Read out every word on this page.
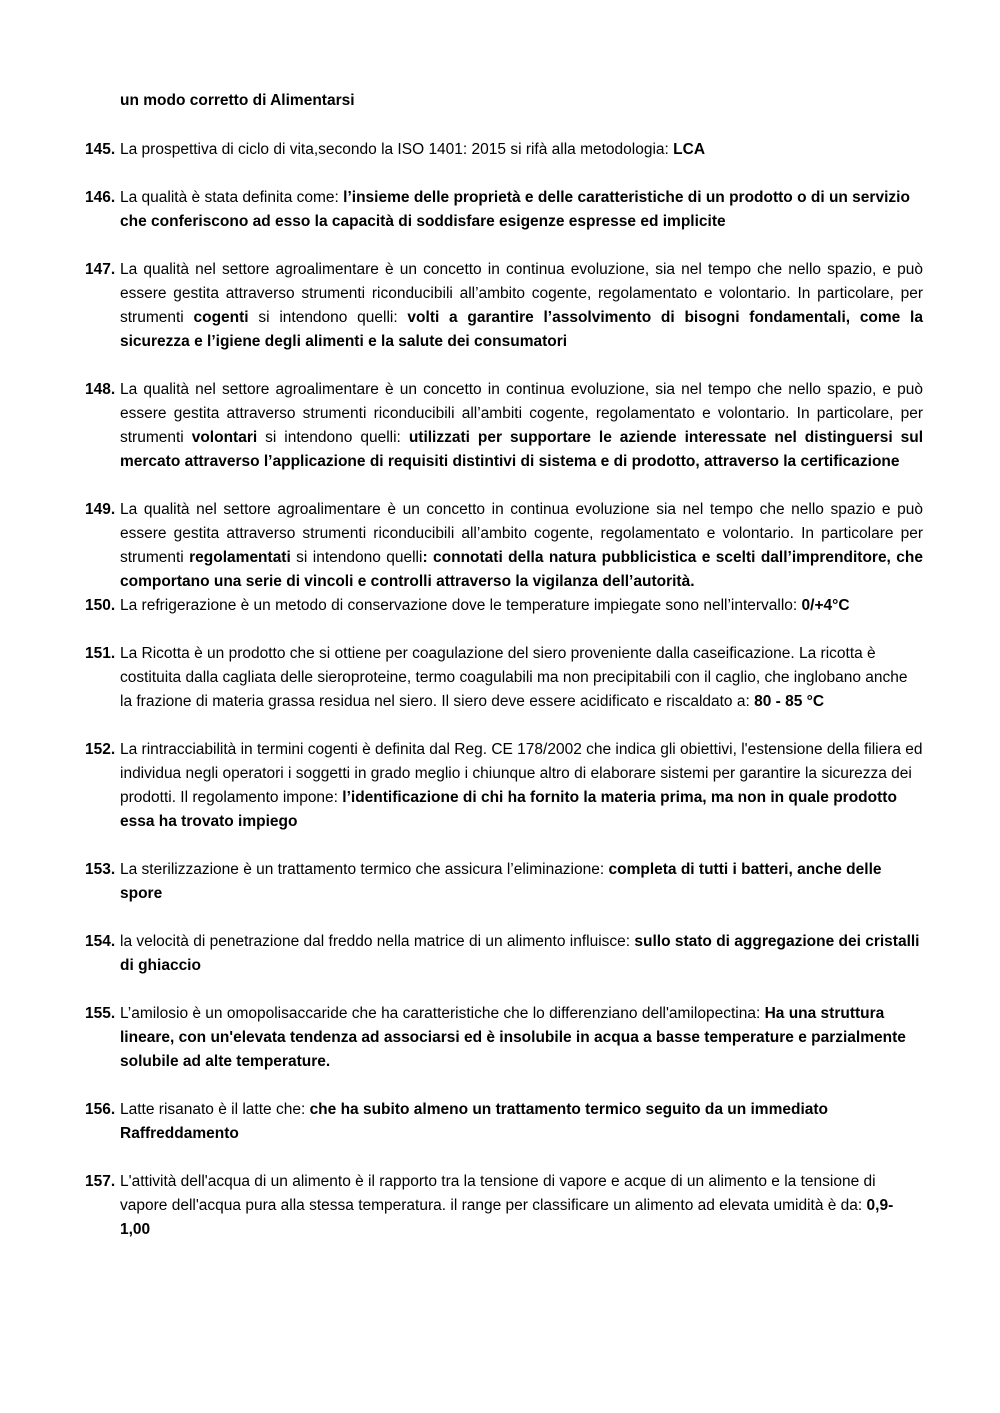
un modo corretto di Alimentarsi
145. La prospettiva di ciclo di vita,secondo la ISO 1401: 2015 si rifà alla metodologia: LCA
146. La qualità è stata definita come: l’insieme delle proprietà e delle caratteristiche di un prodotto o di un servizio che conferiscono ad esso la capacità di soddisfare esigenze espresse ed implicite
147. La qualità nel settore agroalimentare è un concetto in continua evoluzione, sia nel tempo che nello spazio, e può essere gestita attraverso strumenti riconducibili all’ambito cogente, regolamentato e volontario. In particolare, per strumenti cogenti si intendono quelli: volti a garantire l’assolvimento di bisogni fondamentali, come la sicurezza e l’igiene degli alimenti e la salute dei consumatori
148. La qualità nel settore agroalimentare è un concetto in continua evoluzione, sia nel tempo che nello spazio, e può essere gestita attraverso strumenti riconducibili all’ambiti cogente, regolamentato e volontario. In particolare, per strumenti volontari si intendono quelli: utilizzati per supportare le aziende interessate nel distinguersi sul mercato attraverso l’applicazione di requisiti distintivi di sistema e di prodotto, attraverso la certificazione
149. La qualità nel settore agroalimentare è un concetto in continua evoluzione sia nel tempo che nello spazio e può essere gestita attraverso strumenti riconducibili all’ambito cogente, regolamentato e volontario. In particolare per strumenti regolamentati si intendono quelli: connotati della natura pubblicistica e scelti dall’imprenditore, che comportano una serie di vincoli e controlli attraverso la vigilanza dell’autorità.
150. La refrigerazione è un metodo di conservazione dove le temperature impiegate sono nell’intervallo: 0/+4°C
151. La Ricotta è un prodotto che si ottiene per coagulazione del siero proveniente dalla caseificazione. La ricotta è costituita dalla cagliata delle sieroproteine, termo coagulabili ma non precipitabili con il caglio, che inglobano anche la frazione di materia grassa residua nel siero. Il siero deve essere acidificato e riscaldato a: 80 - 85 °C
152. La rintracciabilità in termini cogenti è definita dal Reg. CE 178/2002 che indica gli obiettivi, l'estensione della filiera ed individua negli operatori i soggetti in grado meglio i chiunque altro di elaborare sistemi per garantire la sicurezza dei prodotti. Il regolamento impone: l’identificazione di chi ha fornito la materia prima, ma non in quale prodotto essa ha trovato impiego
153. La sterilizzazione è un trattamento termico che assicura l’eliminazione: completa di tutti i batteri, anche delle spore
154. la velocità di penetrazione dal freddo nella matrice di un alimento influisce: sullo stato di aggregazione dei cristalli di ghiaccio
155. L’amilosio è un omopolisaccaride che ha caratteristiche che lo differenziano dell'amilopectina: Ha una struttura lineare, con un'elevata tendenza ad associarsi ed è insolubile in acqua a basse temperature e parzialmente solubile ad alte temperature.
156. Latte risanato è il latte che: che ha subito almeno un trattamento termico seguito da un immediato Raffreddamento
157. L'attività dell'acqua di un alimento è il rapporto tra la tensione di vapore e acque di un alimento e la tensione di vapore dell'acqua pura alla stessa temperatura. il range per classificare un alimento ad elevata umidità è da: 0,9-1,00
